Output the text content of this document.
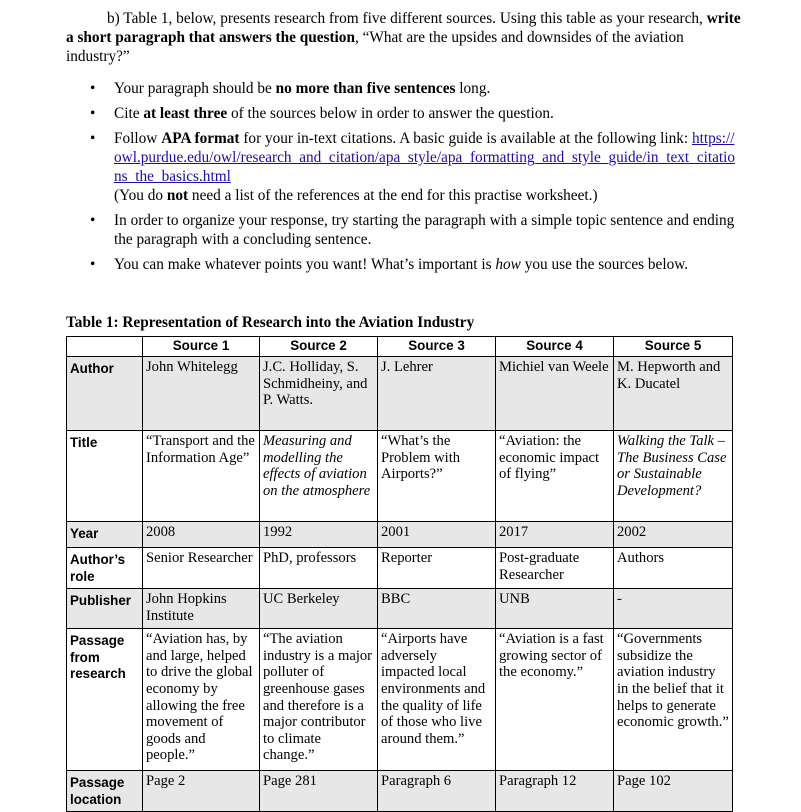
b) Table 1, below, presents research from five different sources. Using this table as your research, write a short paragraph that answers the question, “What are the upsides and downsides of the aviation industry?”
• Your paragraph should be no more than five sentences long.
• Cite at least three of the sources below in order to answer the question.
• Follow APA format for your in-text citations. A basic guide is available at the following link: https://owl.purdue.edu/owl/research_and_citation/apa_style/apa_formatting_and_style_guide/in_text_citations_the_basics.html
(You do not need a list of the references at the end for this practise worksheet.)
• In order to organize your response, try starting the paragraph with a simple topic sentence and ending the paragraph with a concluding sentence.
• You can make whatever points you want! What’s important is how you use the sources below.
Table 1: Representation of Research into the Aviation Industry
	Source 1	Source 2	Source 3	Source 4	Source 5
Author	John Whitelegg	J.C. Holliday, S. Schmidheiny, and P. Watts.	J. Lehrer	Michiel van Weele	M. Hepworth and K. Ducatel
Title	“Transport and the Information Age”	Measuring and modelling the effects of aviation on the atmosphere	“What’s the Problem with Airports?”	“Aviation: the economic impact of flying”	Walking the Talk – The Business Case or Sustainable Development?
Year	2008	1992	2001	2017	2002
Author’s role	Senior Researcher	PhD, professors	Reporter	Post-graduate Researcher	Authors
Publisher	John Hopkins Institute	UC Berkeley	BBC	UNB	-
Passage from research	“Aviation has, by and large, helped to drive the global economy by allowing the free movement of goods and people.”	“The aviation industry is a major polluter of greenhouse gases and therefore is a major contributor to climate change.”	“Airports have adversely impacted local environments and the quality of life of those who live around them.”	“Aviation is a fast growing sector of the economy.”	“Governments subsidize the aviation industry in the belief that it helps to generate economic growth.”
Passage location	Page 2	Page 281	Paragraph 6	Paragraph 12	Page 102
